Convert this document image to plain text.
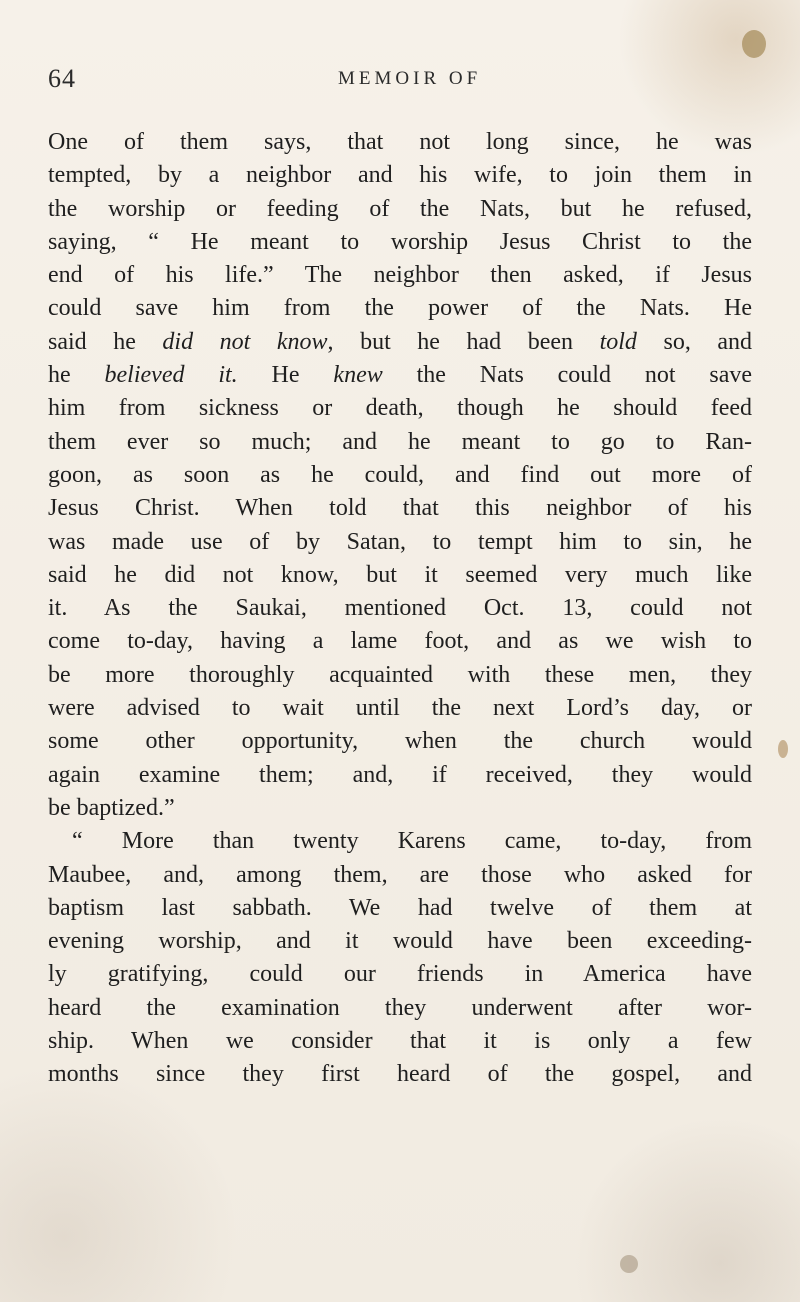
64	MEMOIR OF
One of them says, that not long since, he was
tempted, by a neighbor and his wife, to join them in
the worship or feeding of the Nats, but he refused,
saying, “ He meant to worship Jesus Christ to the
end of his life.” The neighbor then asked, if Jesus
could save him from the power of the Nats. He
said he did not know, but he had been told so, and
he believed it. He knew the Nats could not save
him from sickness or death, though he should feed
them ever so much; and he meant to go to Ran-
goon, as soon as he could, and find out more of
Jesus Christ. When told that this neighbor of his
was made use of by Satan, to tempt him to sin, he
said he did not know, but it seemed very much like
it. As the Saukai, mentioned Oct. 13, could not
come to-day, having a lame foot, and as we wish to
be more thoroughly acquainted with these men, they
were advised to wait until the next Lord’s day, or
some other opportunity, when the church would
again examine them; and, if received, they would
be baptized.”
“ More than twenty Karens came, to-day, from
Maubee, and, among them, are those who asked for
baptism last sabbath. We had twelve of them at
evening worship, and it would have been exceeding-
ly gratifying, could our friends in America have
heard the examination they underwent after wor-
ship. When we consider that it is only a few
months since they first heard of the gospel, and
